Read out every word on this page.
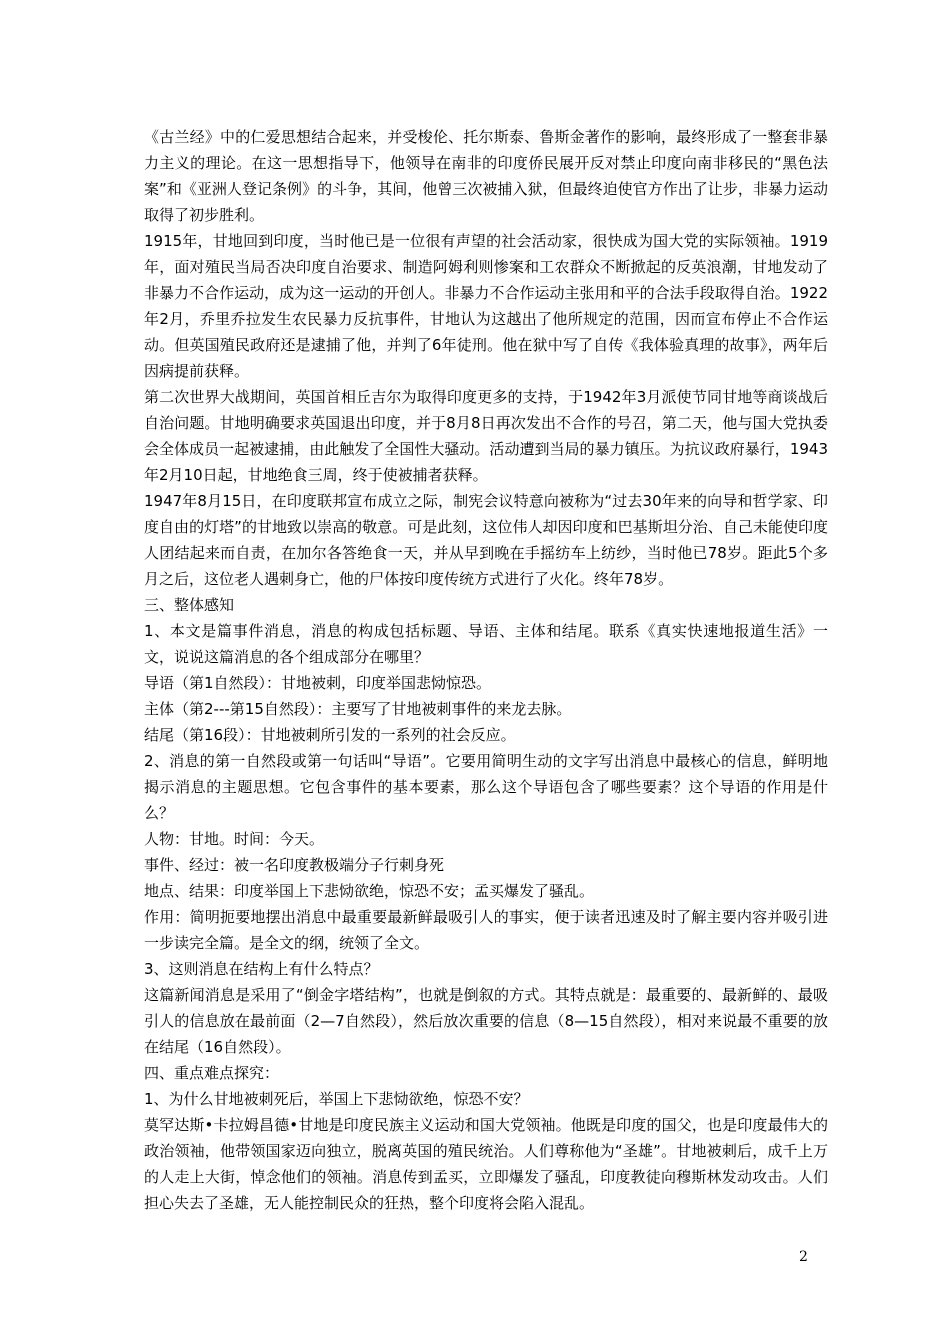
《古兰经》中的仁爱思想结合起来，并受梭伦、托尔斯泰、鲁斯金著作的影响，最终形成了一整套非暴力主义的理论。在这一思想指导下，他领导在南非的印度侨民展开反对禁止印度向南非移民的“黑色法案”和《亚洲人登记条例》的斗争，其间，他曾三次被捕入狱，但最终迫使官方作出了让步，非暴力运动取得了初步胜利。

1915年，甘地回到印度，当时他已是一位很有声望的社会活动家，很快成为国大党的实际领袖。1919年，面对殖民当局否决印度自治要求、制造阿姆利则惨案和工农群众不断掀起的反英浪潮，甘地发动了非暴力不合作运动，成为这一运动的开创人。非暴力不合作运动主张用和平的合法手段取得自治。1922年2月，乔里乔拉发生农民暴力反抗事件，甘地认为这越出了他所规定的范围，因而宣布停止不合作运动。但英国殖民政府还是逮捕了他，并判了6年徒刑。他在狱中写了自传《我体验真理的故事》，两年后因病提前获释。

第二次世界大战期间，英国首相丘吉尔为取得印度更多的支持，于1942年3月派使节同甘地等商谈战后自治问题。甘地明确要求英国退出印度，并于8月8日再次发出不合作的号召，第二天，他与国大党执委会全体成员一起被逮捕，由此触发了全国性大骚动。活动遭到当局的暴力镇压。为抗议政府暴行，1943年2月10日起，甘地绝食三周，终于使被捕者获释。

1947年8月15日，在印度联邦宣布成立之际，制宪会议特意向被称为“过去30年来的向导和哲学家、印度自由的灯塔”的甘地致以崇高的敬意。可是此刻，这位伟人却因印度和巴基斯坦分治、自己未能使印度人团结起来而自责，在加尔各答绝食一天，并从早到晚在手摇纺车上纺纱，当时他已78岁。距此5个多月之后，这位老人遇刺身亡，他的尸体按印度传统方式进行了火化。终年78岁。

三、整体感知

1、本文是篇事件消息，消息的构成包括标题、导语、主体和结尾。联系《真实快速地报道生活》一文，说说这篇消息的各个组成部分在哪里？

导语（第1自然段）：甘地被刺，印度举国悲恸惊恐。

主体（第2---第15自然段）：主要写了甘地被刺事件的来龙去脉。

结尾（第16段）：甘地被刺所引发的一系列的社会反应。

2、消息的第一自然段或第一句话叫“导语”。它要用简明生动的文字写出消息中最核心的信息，鲜明地揭示消息的主题思想。它包含事件的基本要素，那么这个导语包含了哪些要素？这个导语的作用是什么？

人物：甘地。时间：今天。

事件、经过：被一名印度教极端分子行刺身死

地点、结果：印度举国上下悲恸欲绝，惊恐不安；孟买爆发了骚乱。

作用：简明扼要地摆出消息中最重要最新鲜最吸引人的事实，便于读者迅速及时了解主要内容并吸引进一步读完全篇。是全文的纲，统领了全文。

3、这则消息在结构上有什么特点？

这篇新闻消息是采用了“倒金字塔结构”，也就是倒叙的方式。其特点就是：最重要的、最新鲜的、最吸引人的信息放在最前面（2—7自然段），然后放次重要的信息（8—15自然段），相对来说最不重要的放在结尾（16自然段）。

四、重点难点探究：

1、为什么甘地被刺死后，举国上下悲恸欲绝，惊恐不安？

莫罕达斯•卡拉姆昌德•甘地是印度民族主义运动和国大党领袖。他既是印度的国父，也是印度最伟大的政治领袖，他带领国家迈向独立，脱离英国的殖民统治。人们尊称他为“圣雄”。甘地被刺后，成千上万的人走上大街，悼念他们的领袖。消息传到孟买，立即爆发了骚乱，印度教徒向穆斯林发动攻击。人们担心失去了圣雄，无人能控制民众的狂热，整个印度将会陷入混乱。

2
